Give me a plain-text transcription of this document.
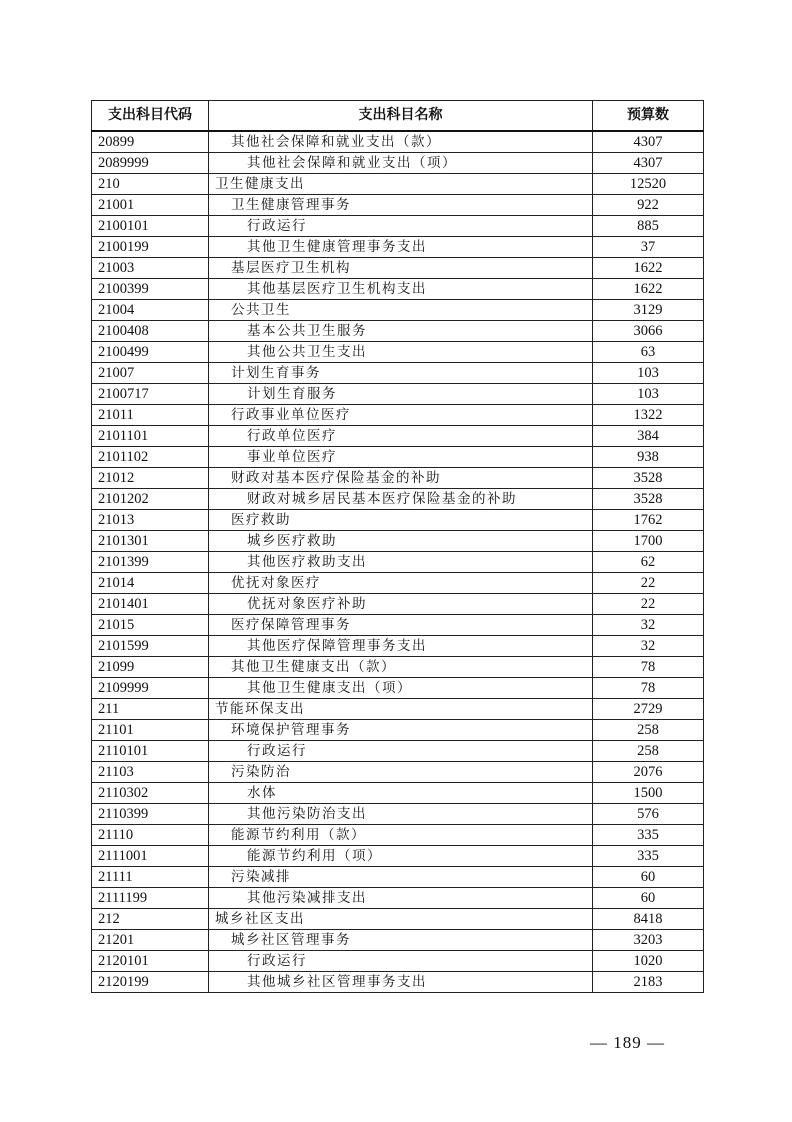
支出科目代码	支出科目名称	预算数
20899	其他社会保障和就业支出（款）	4307
2089999	其他社会保障和就业支出（项）	4307
210	卫生健康支出	12520
21001	卫生健康管理事务	922
2100101	行政运行	885
2100199	其他卫生健康管理事务支出	37
21003	基层医疗卫生机构	1622
2100399	其他基层医疗卫生机构支出	1622
21004	公共卫生	3129
2100408	基本公共卫生服务	3066
2100499	其他公共卫生支出	63
21007	计划生育事务	103
2100717	计划生育服务	103
21011	行政事业单位医疗	1322
2101101	行政单位医疗	384
2101102	事业单位医疗	938
21012	财政对基本医疗保险基金的补助	3528
2101202	财政对城乡居民基本医疗保险基金的补助	3528
21013	医疗救助	1762
2101301	城乡医疗救助	1700
2101399	其他医疗救助支出	62
21014	优抚对象医疗	22
2101401	优抚对象医疗补助	22
21015	医疗保障管理事务	32
2101599	其他医疗保障管理事务支出	32
21099	其他卫生健康支出（款）	78
2109999	其他卫生健康支出（项）	78
211	节能环保支出	2729
21101	环境保护管理事务	258
2110101	行政运行	258
21103	污染防治	2076
2110302	水体	1500
2110399	其他污染防治支出	576
21110	能源节约利用（款）	335
2111001	能源节约利用（项）	335
21111	污染减排	60
2111199	其他污染减排支出	60
212	城乡社区支出	8418
21201	城乡社区管理事务	3203
2120101	行政运行	1020
2120199	其他城乡社区管理事务支出	2183
— 189 —
